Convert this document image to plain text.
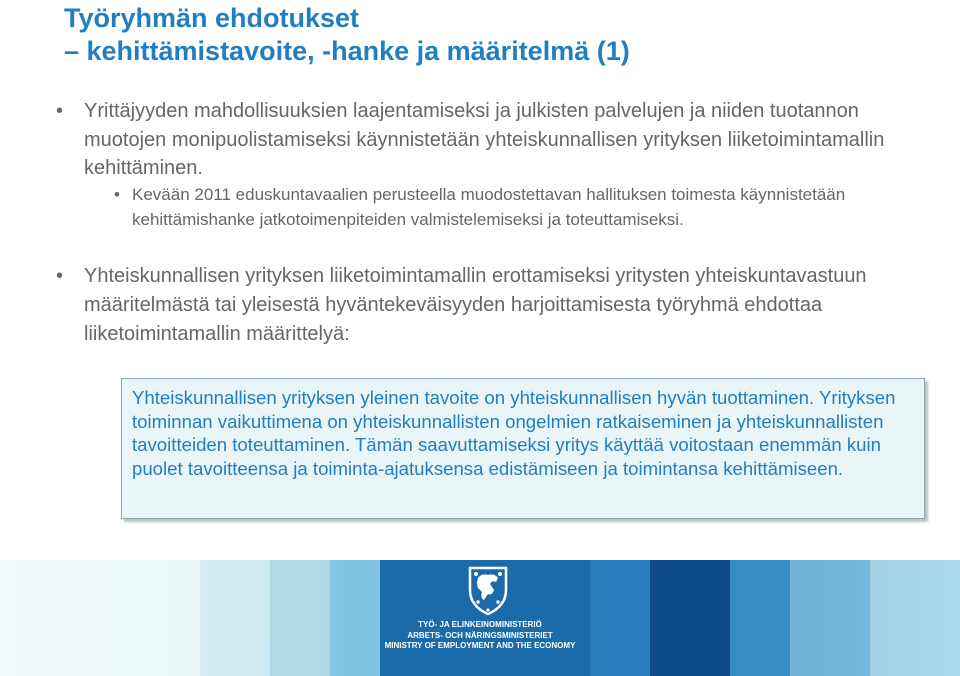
Työryhmän ehdotukset
– kehittämistavoite, -hanke ja määritelmä (1)
• Yrittäjyyden mahdollisuuksien laajentamiseksi ja julkisten palvelujen ja niiden tuotannon muotojen monipuolistamiseksi käynnistetään yhteiskunnallisen yrityksen liiketoimintamallin kehittäminen.
• Kevään 2011 eduskuntavaalien perusteella muodostettavan hallituksen toimesta käynnistetään kehittämishanke jatkotoimenpiteiden valmistelemiseksi ja toteuttamiseksi.
• Yhteiskunnallisen yrityksen liiketoimintamallin erottamiseksi yritysten yhteiskuntavastuun määritelmästä tai yleisestä hyväntekeväisyyden harjoittamisesta työryhmä ehdottaa liiketoimintamallin määrittelyä:
Yhteiskunnallisen yrityksen yleinen tavoite on yhteiskunnallisen hyvän tuottaminen. Yrityksen toiminnan vaikuttimena on yhteiskunnallisten ongelmien ratkaiseminen ja yhteiskunnallisten tavoitteiden toteuttaminen. Tämän saavuttamiseksi yritys käyttää voitostaan enemmän kuin puolet tavoitteensa ja toiminta-ajatuksensa edistämiseen ja toimintansa kehittämiseen.
TYÖ- JA ELINKEINOMINISTERIÖ
ARBETS- OCH NÄRINGSMINISTERIET
MINISTRY OF EMPLOYMENT AND THE ECONOMY
